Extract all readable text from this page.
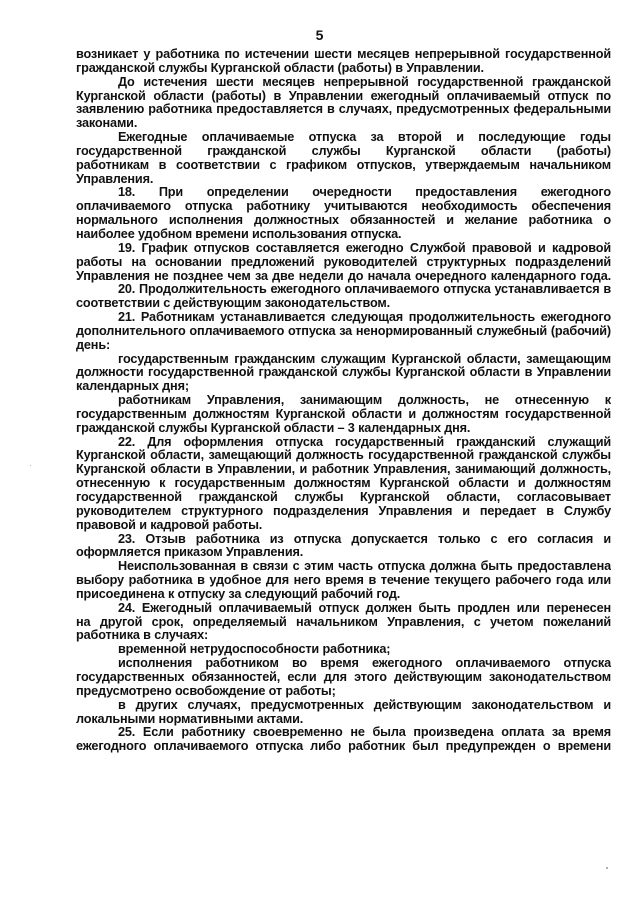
5
возникает у работника по истечении шести месяцев непрерывной государственной
гражданской службы Курганской области (работы) в Управлении.
До истечения шести месяцев непрерывной государственной гражданской
Курганской области (работы) в Управлении ежегодный оплачиваемый отпуск по
заявлению работника предоставляется в случаях, предусмотренных федеральными
законами.
Ежегодные оплачиваемые отпуска за второй и последующие годы
государственной гражданской службы Курганской области (работы)
работникам в соответствии с графиком отпусков, утверждаемым начальником
Управления.
18. При определении очередности предоставления ежегодного
оплачиваемого отпуска работнику учитываются необходимость обеспечения
нормального исполнения должностных обязанностей и желание работника о
наиболее удобном времени использования отпуска.
19. График отпусков составляется ежегодно Службой правовой и кадровой
работы на основании предложений руководителей структурных подразделений
Управления не позднее чем за две недели до начала очередного календарного года.
20. Продолжительность ежегодного оплачиваемого отпуска устанавливается в
соответствии с действующим законодательством.
21. Работникам устанавливается следующая продолжительность ежегодного
дополнительного оплачиваемого отпуска за ненормированный служебный (рабочий)
день:
государственным гражданским служащим Курганской области, замещающим
должности государственной гражданской службы Курганской области в Управлении
календарных дня;
работникам Управления, занимающим должность, не отнесенную к
государственным должностям Курганской области и должностям государственной
гражданской службы Курганской области – 3 календарных дня.
22. Для оформления отпуска государственный гражданский служащий
Курганской области, замещающий должность государственной гражданской службы
Курганской области в Управлении, и работник Управления, занимающий должность,
отнесенную к государственным должностям Курганской области и должностям
государственной гражданской службы Курганской области, согласовывает
руководителем структурного подразделения Управления и передает в Службу
правовой и кадровой работы.
23. Отзыв работника из отпуска допускается только с его согласия и
оформляется приказом Управления.
Неиспользованная в связи с этим часть отпуска должна быть предоставлена
выбору работника в удобное для него время в течение текущего рабочего года или
присоединена к отпуску за следующий рабочий год.
24. Ежегодный оплачиваемый отпуск должен быть продлен или перенесен
на другой срок, определяемый начальником Управления, с учетом пожеланий
работника в случаях:
временной нетрудоспособности работника;
исполнения работником во время ежегодного оплачиваемого отпуска
государственных обязанностей, если для этого действующим законодательством
предусмотрено освобождение от работы;
в других случаях, предусмотренных действующим законодательством и
локальными нормативными актами.
25. Если работнику своевременно не была произведена оплата за время
ежегодного оплачиваемого отпуска либо работник был предупрежден о времени
